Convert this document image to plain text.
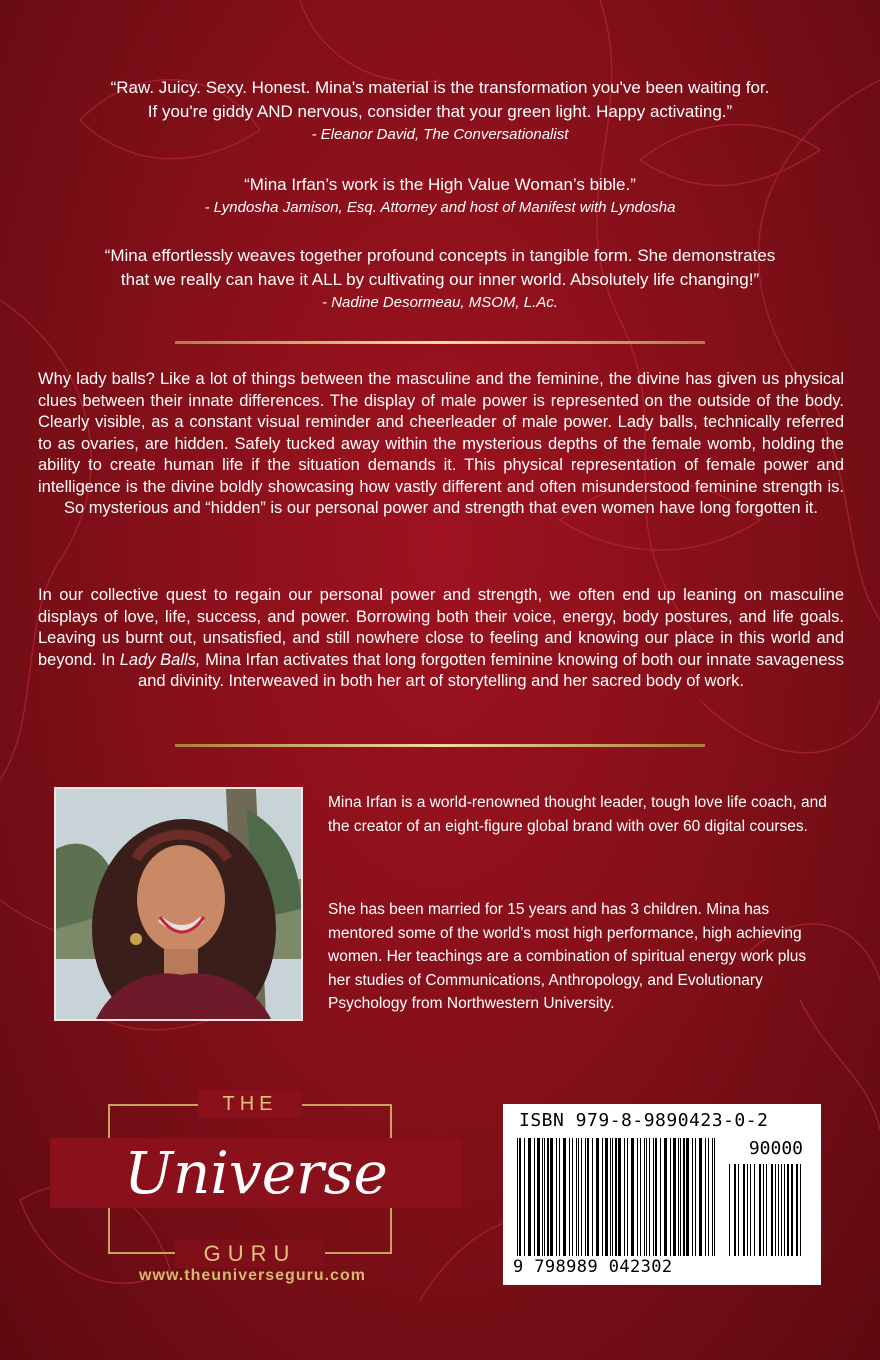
“Raw. Juicy. Sexy. Honest. Mina's material is the transformation you've been waiting for.

If you're giddy AND nervous, consider that your green light. Happy activating.”

- Eleanor David, The Conversationalist

“Mina Irfan’s work is the High Value Woman’s bible.”

- Lyndosha Jamison, Esq. Attorney and host of Manifest with Lyndosha

“Mina effortlessly weaves together profound concepts in tangible form. She demonstrates

that we really can have it ALL by cultivating our inner world. Absolutely life changing!”

- Nadine Desormeau, MSOM, L.Ac.

Why lady balls? Like a lot of things between the masculine and the feminine, the divine has given us physical clues between their innate differences. The display of male power is represented on the outside of the body. Clearly visible, as a constant visual reminder and cheerleader of male power. Lady balls, technically referred to as ovaries, are hidden. Safely tucked away within the mysterious depths of the female womb, holding the ability to create human life if the situation demands it. This physical representation of female power and intelligence is the divine boldly showcasing how vastly different and often misunderstood feminine strength is. So mysterious and “hidden” is our personal power and strength that even women have long forgotten it.

In our collective quest to regain our personal power and strength, we often end up leaning on masculine displays of love, life, success, and power. Borrowing both their voice, energy, body postures, and life goals. Leaving us burnt out, unsatisfied, and still nowhere close to feeling and knowing our place in this world and beyond. In Lady Balls, Mina Irfan activates that long forgotten feminine knowing of both our innate savageness and divinity. Interweaved in both her art of storytelling and her sacred body of work.

Mina Irfan is a world-renowned thought leader, tough love life coach, and the creator of an eight-figure global brand with over 60 digital courses.

She has been married for 15 years and has 3 children. Mina has mentored some of the world’s most high performance, high achieving women. Her teachings are a combination of spiritual energy work plus her studies of Communications, Anthropology, and Evolutionary Psychology from Northwestern University.

THE
Universe
GURU
www.theuniverseguru.com
ISBN 979-8-9890423-0-2
90000
9 798989 042302
